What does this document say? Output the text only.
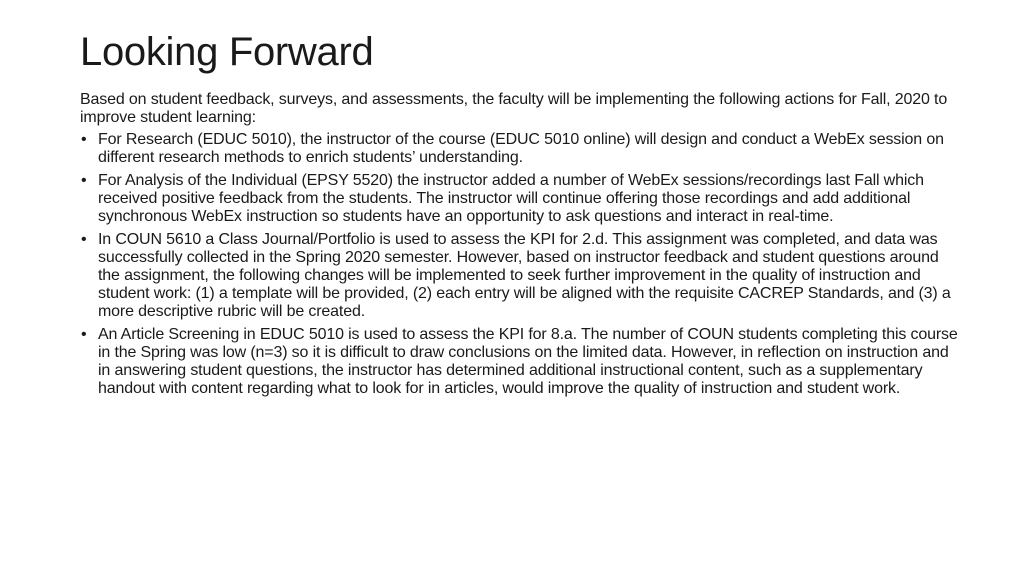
Looking Forward

Based on student feedback, surveys, and assessments, the faculty will be implementing the following actions for Fall, 2020 to improve student learning:

• For Research (EDUC 5010), the instructor of the course (EDUC 5010 online) will design and conduct a WebEx session on different research methods to enrich students’ understanding.
• For Analysis of the Individual (EPSY 5520) the instructor added a number of WebEx sessions/recordings last Fall which received positive feedback from the students. The instructor will continue offering those recordings and add additional synchronous WebEx instruction so students have an opportunity to ask questions and interact in real-time.
• In COUN 5610 a Class Journal/Portfolio is used to assess the KPI for 2.d. This assignment was completed, and data was successfully collected in the Spring 2020 semester. However, based on instructor feedback and student questions around the assignment, the following changes will be implemented to seek further improvement in the quality of instruction and student work: (1) a template will be provided, (2) each entry will be aligned with the requisite CACREP Standards, and (3) a more descriptive rubric will be created.
• An Article Screening in EDUC 5010 is used to assess the KPI for 8.a. The number of COUN students completing this course in the Spring was low (n=3) so it is difficult to draw conclusions on the limited data. However, in reflection on instruction and in answering student questions, the instructor has determined additional instructional content, such as a supplementary handout with content regarding what to look for in articles, would improve the quality of instruction and student work.
